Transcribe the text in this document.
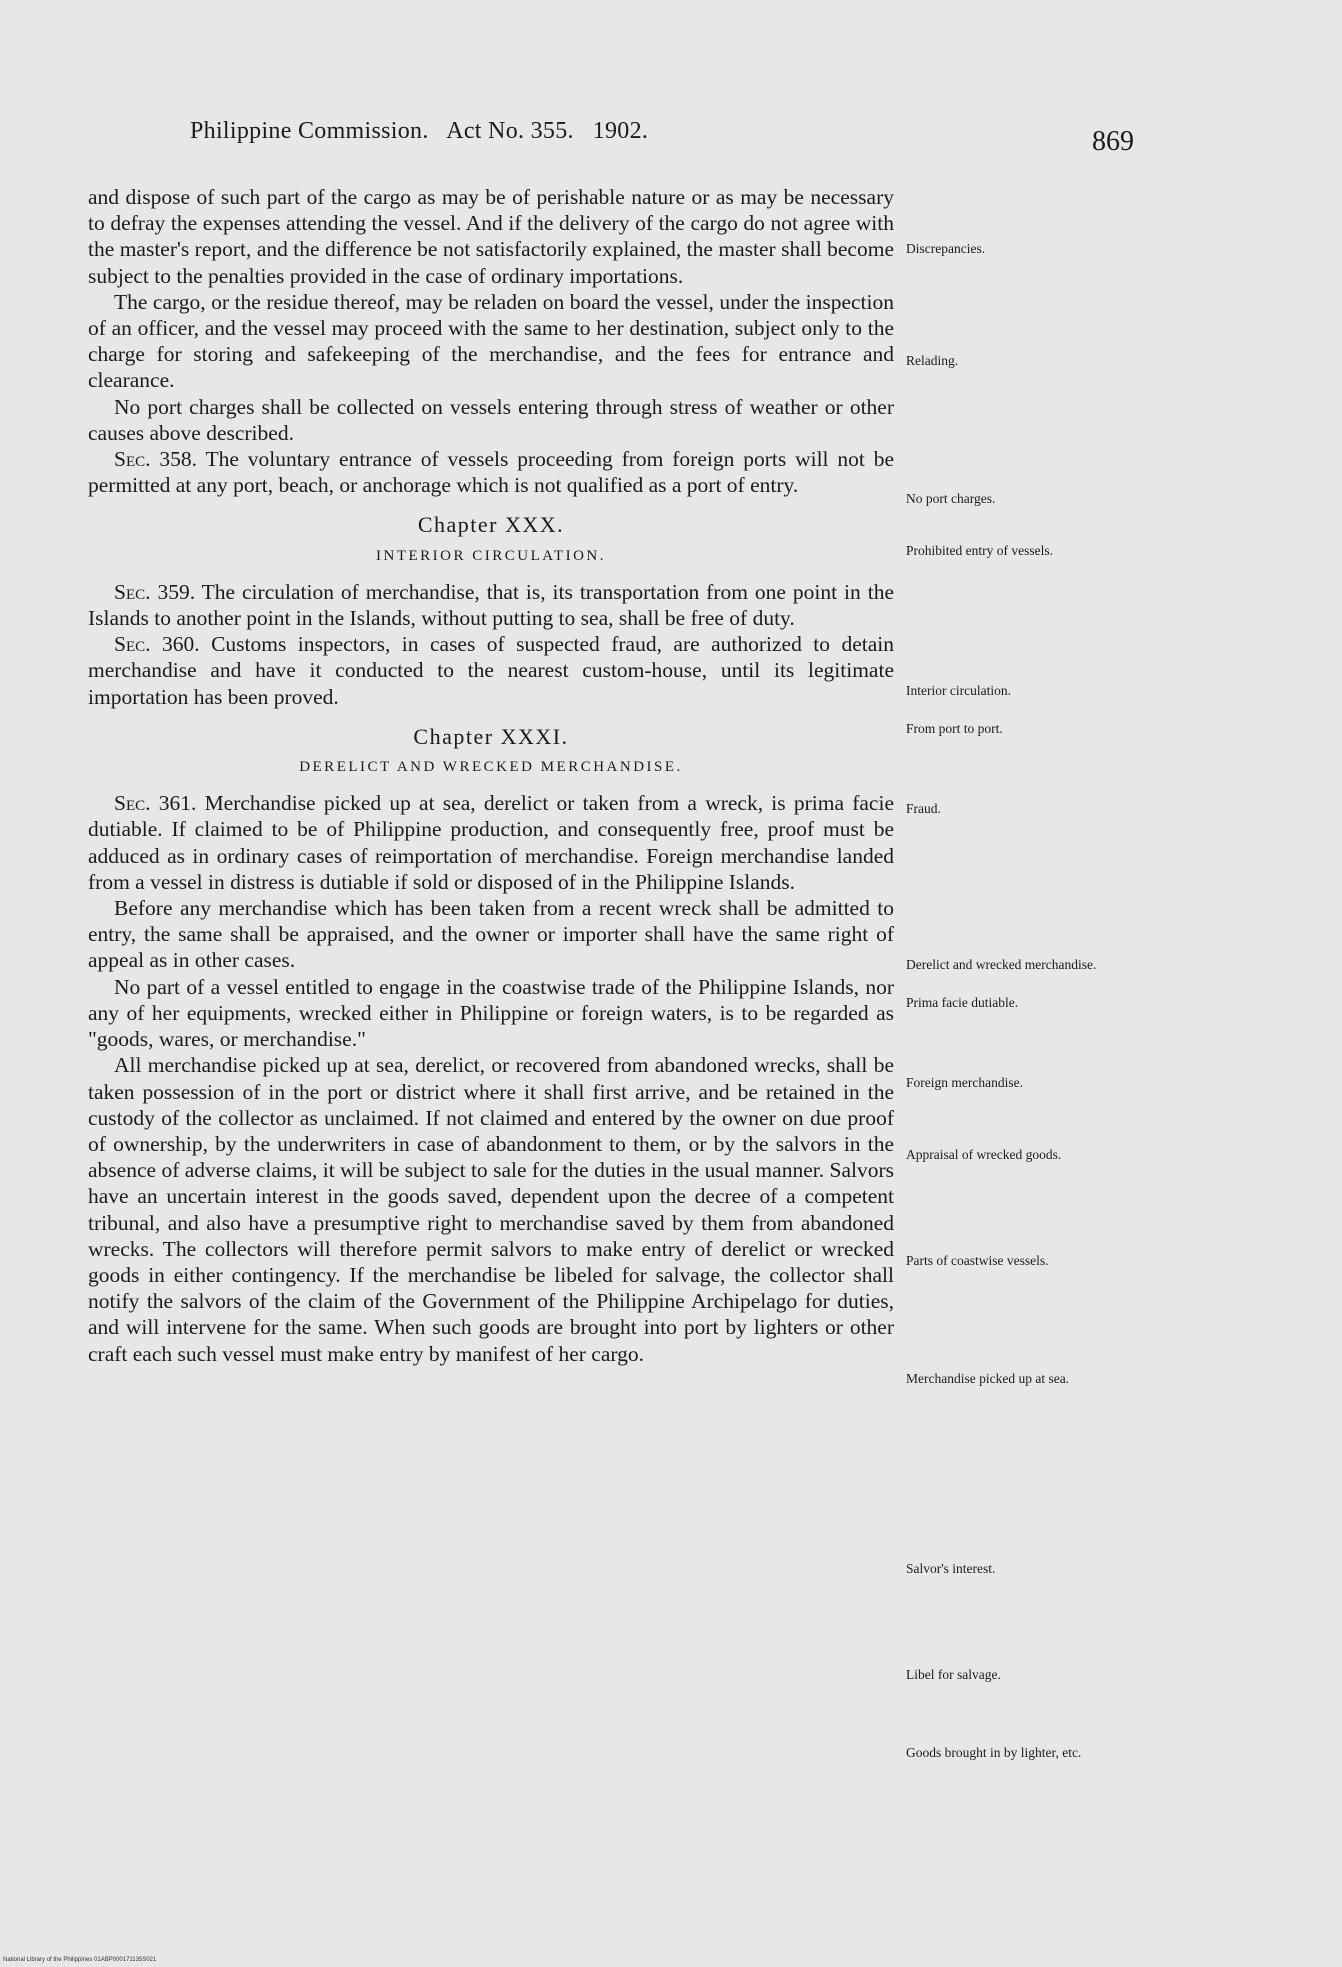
Philippine Commission.   Act No. 355.   1902.	869

and dispose of such part of the cargo as may be of perishable nature or as may be necessary to defray the expenses attending the vessel. And if the delivery of the cargo do not agree with the master's report, and the difference be not satisfactorily explained, the master shall become subject to the penalties provided in the case of ordinary importations.

The cargo, or the residue thereof, may be reladen on board the vessel, under the inspection of an officer, and the vessel may proceed with the same to her destination, subject only to the charge for storing and safekeeping of the merchandise, and the fees for entrance and clearance.

No port charges shall be collected on vessels entering through stress of weather or other causes above described.

Sec. 358. The voluntary entrance of vessels proceeding from foreign ports will not be permitted at any port, beach, or anchorage which is not qualified as a port of entry.

Chapter XXX.
INTERIOR CIRCULATION.

Sec. 359. The circulation of merchandise, that is, its transportation from one point in the Islands to another point in the Islands, without putting to sea, shall be free of duty.

Sec. 360. Customs inspectors, in cases of suspected fraud, are authorized to detain merchandise and have it conducted to the nearest custom-house, until its legitimate importation has been proved.

Chapter XXXI.
DERELICT AND WRECKED MERCHANDISE.

Sec. 361. Merchandise picked up at sea, derelict or taken from a wreck, is prima facie dutiable. If claimed to be of Philippine production, and consequently free, proof must be adduced as in ordinary cases of reimportation of merchandise. Foreign merchandise landed from a vessel in distress is dutiable if sold or disposed of in the Philippine Islands.

Before any merchandise which has been taken from a recent wreck shall be admitted to entry, the same shall be appraised, and the owner or importer shall have the same right of appeal as in other cases.

No part of a vessel entitled to engage in the coastwise trade of the Philippine Islands, nor any of her equipments, wrecked either in Philippine or foreign waters, is to be regarded as "goods, wares, or merchandise."

All merchandise picked up at sea, derelict, or recovered from abandoned wrecks, shall be taken possession of in the port or district where it shall first arrive, and be retained in the custody of the collector as unclaimed. If not claimed and entered by the owner on due proof of ownership, by the underwriters in case of abandonment to them, or by the salvors in the absence of adverse claims, it will be subject to sale for the duties in the usual manner. Salvors have an uncertain interest in the goods saved, dependent upon the decree of a competent tribunal, and also have a presumptive right to merchandise saved by them from abandoned wrecks. The collectors will therefore permit salvors to make entry of derelict or wrecked goods in either contingency. If the merchandise be libeled for salvage, the collector shall notify the salvors of the claim of the Government of the Philippine Archipelago for duties, and will intervene for the same. When such goods are brought into port by lighters or other craft each such vessel must make entry by manifest of her cargo.

Discrepancies.
Relading.
No port charges.
Prohibited entry of vessels.
Interior circulation.
From port to port.
Fraud.
Derelict and wrecked merchandise.
Prima facie dutiable.
Foreign merchandise.
Appraisal of wrecked goods.
Parts of coastwise vessels.
Merchandise picked up at sea.
Salvor's interest.
Libel for salvage.
Goods brought in by lighter, etc.
National Library of the Philippines 01ABP000171135S021
